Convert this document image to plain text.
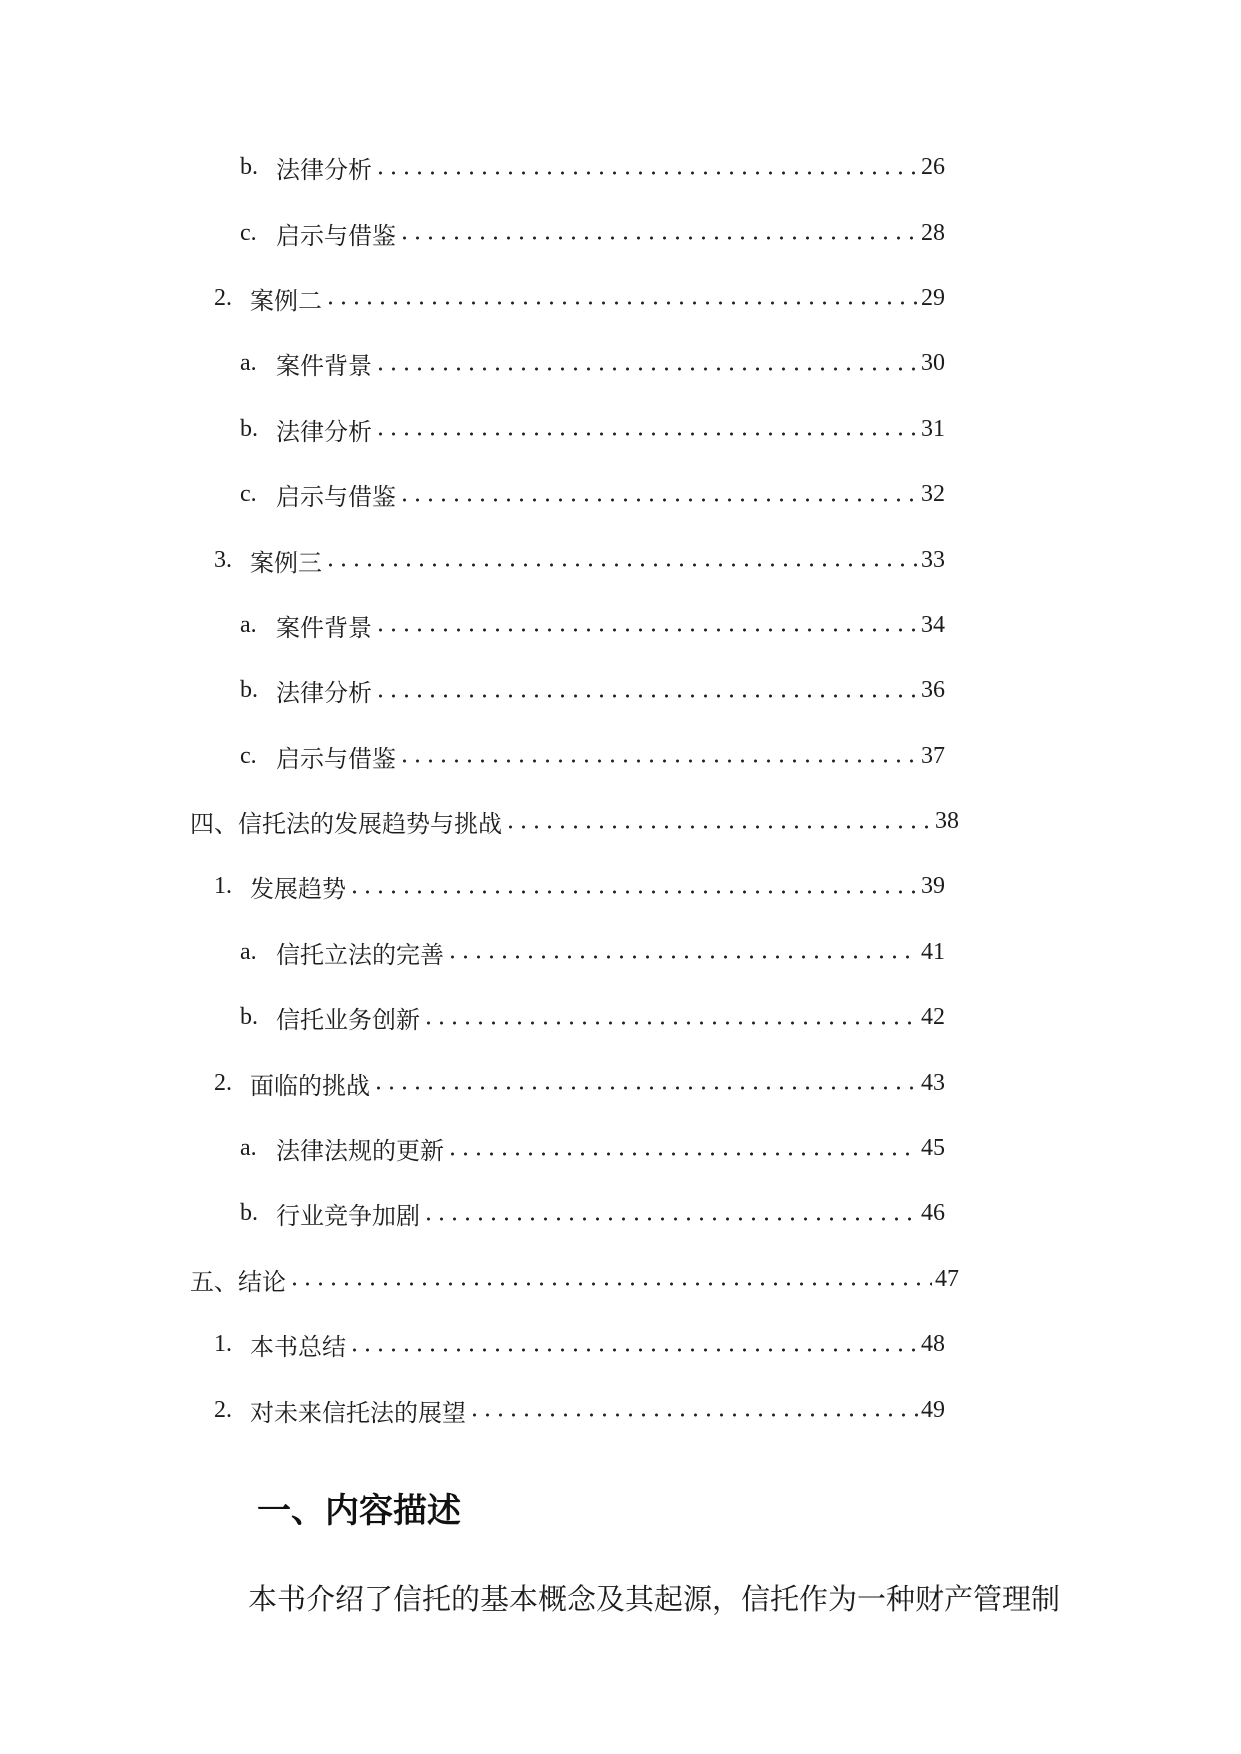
b. 法律分析	26
c. 启示与借鉴	28
2. 案例二	29
a. 案件背景	30
b. 法律分析	31
c. 启示与借鉴	32
3. 案例三	33
a. 案件背景	34
b. 法律分析	36
c. 启示与借鉴	37
四、 信托法的发展趋势与挑战	38
1. 发展趋势	39
a. 信托立法的完善	41
b. 信托业务创新	42
2. 面临的挑战	43
a. 法律法规的更新	45
b. 行业竞争加剧	46
五、 结论	47
1. 本书总结	48
2. 对未来信托法的展望	49
一、内容描述

本书介绍了信托的基本概念及其起源，信托作为一种财产管理制
